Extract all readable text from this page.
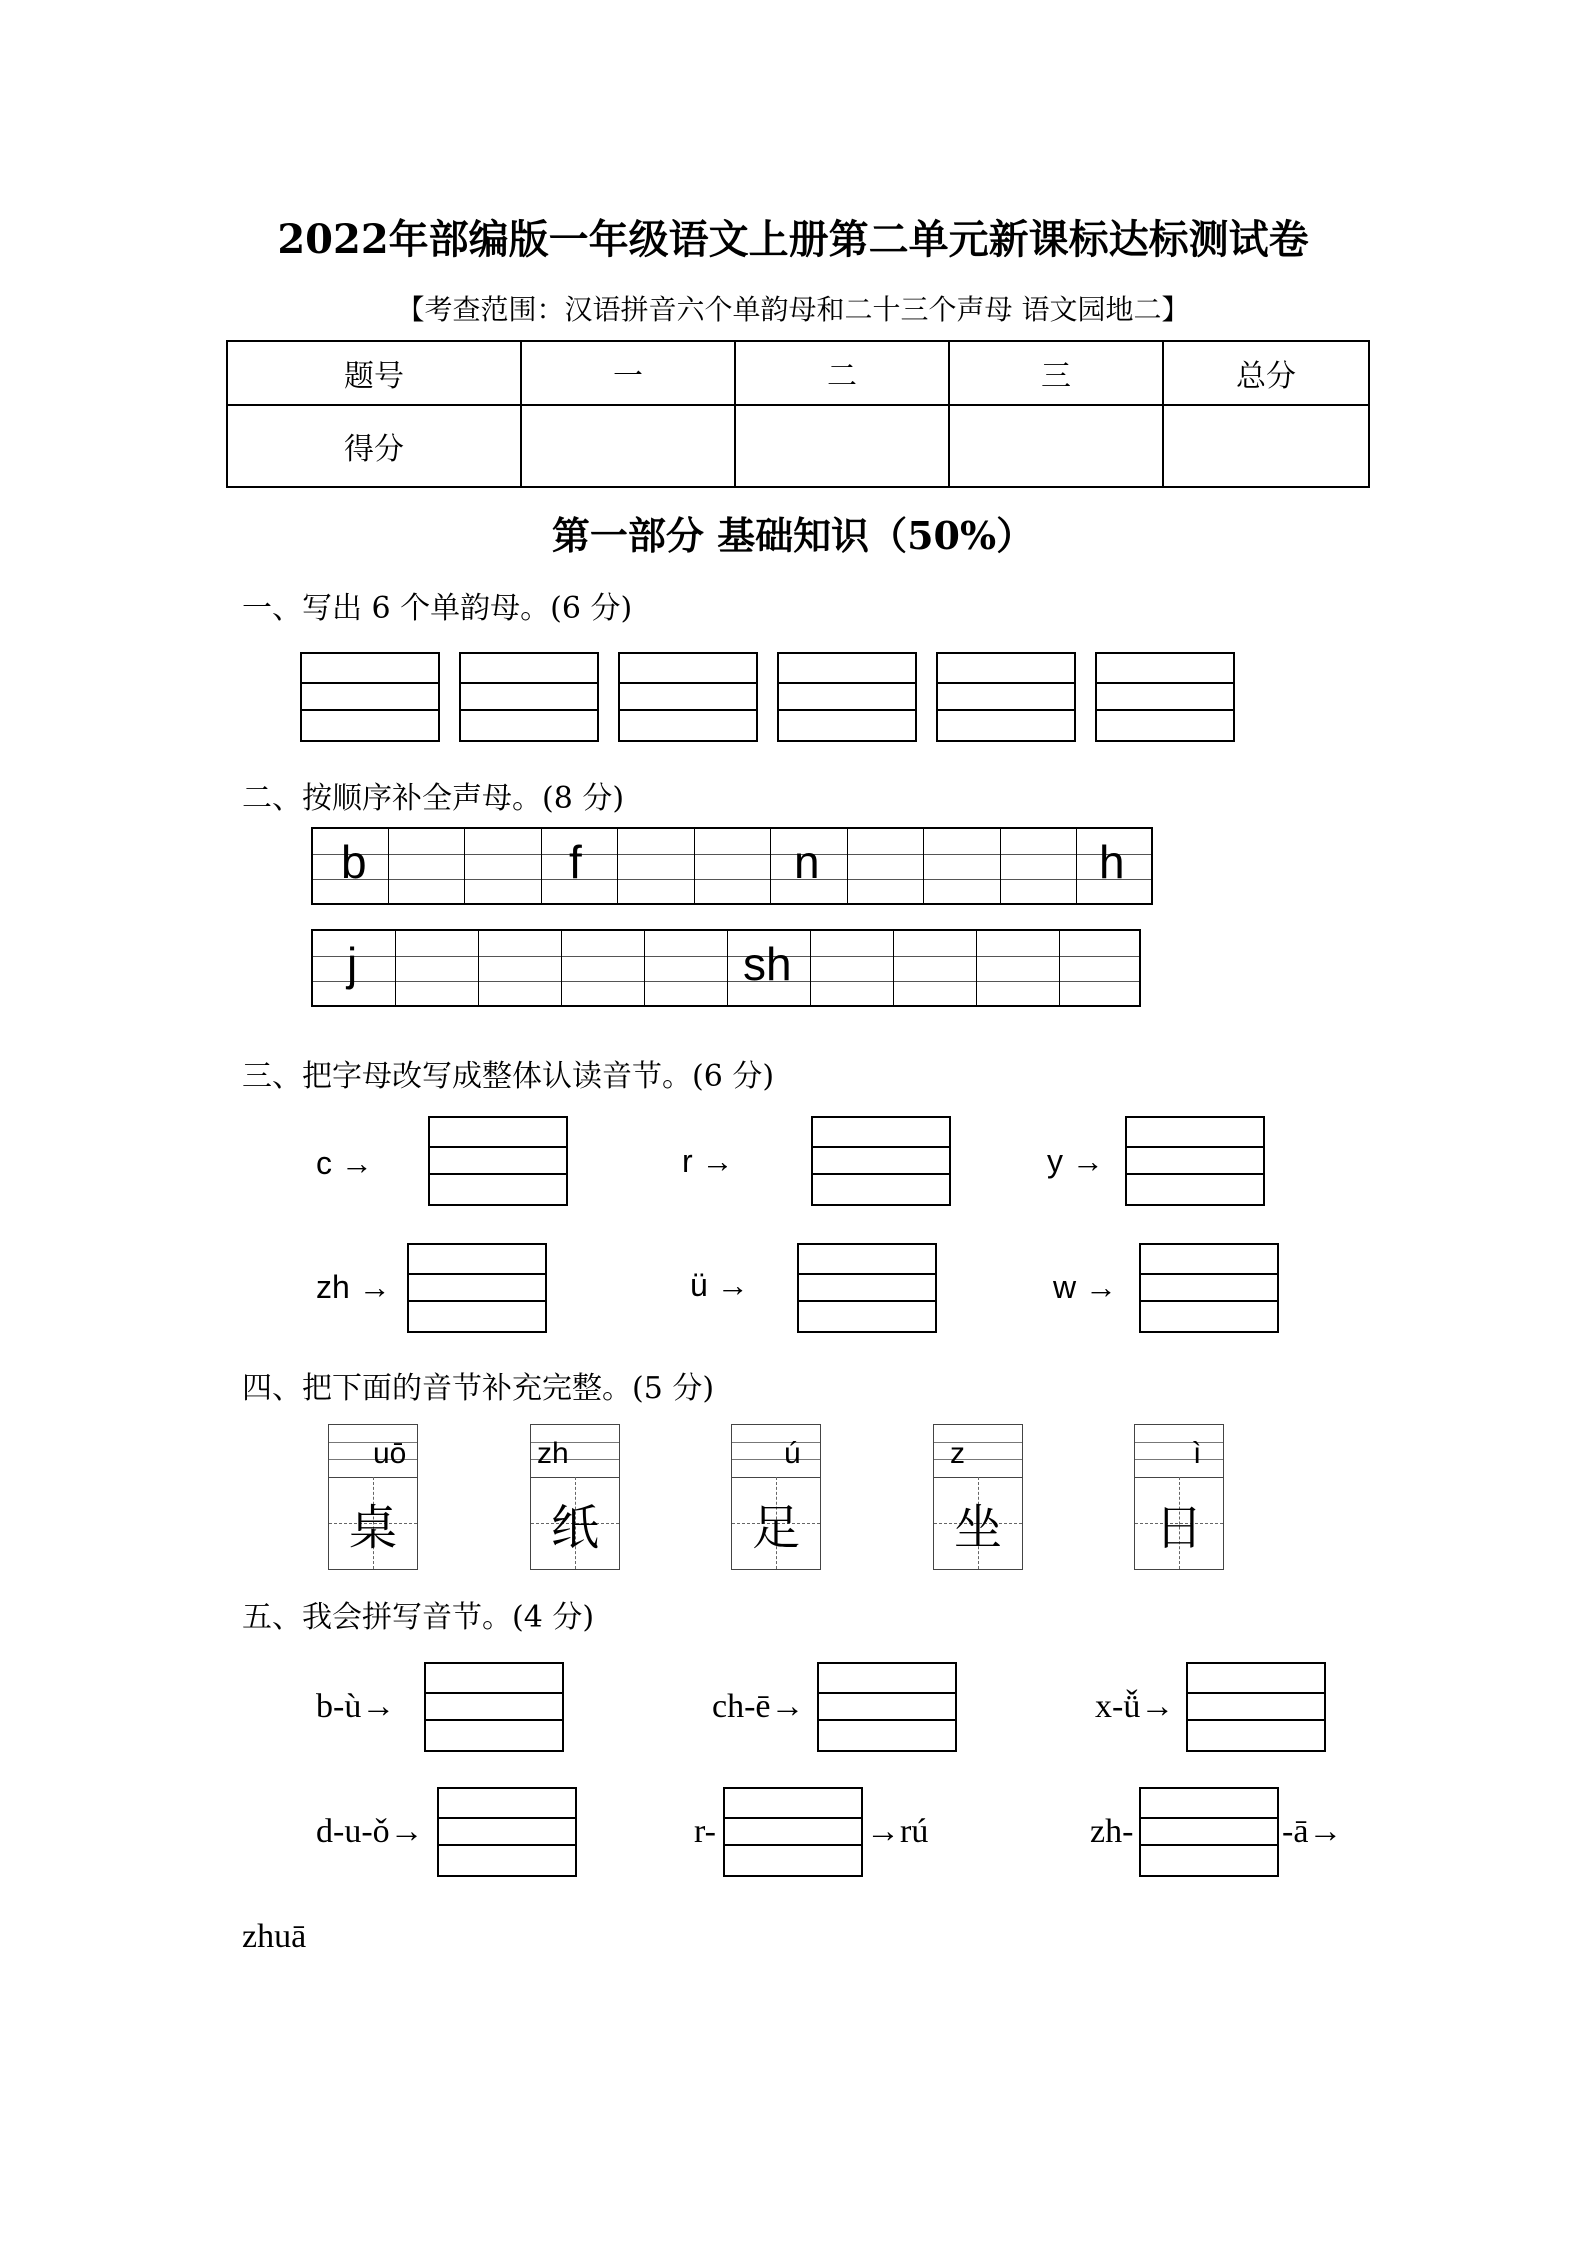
2022年部编版一年级语文上册第二单元新课标达标测试卷
【考查范围：汉语拼音六个单韵母和二十三个声母 语文园地二】
题号	一	二	三	总分
得分				
第一部分 基础知识（50%）
一、写出 6 个单韵母。(6 分)
二、按顺序补全声母。(8 分)
b	f	n	h
j	sh
三、把字母改写成整体认读音节。(6 分)
c →	r →	y →
zh →	ü →	w →
四、把下面的音节补充完整。(5 分)
uō
桌
zh
纸
ú
足
z
坐
ì
日
五、我会拼写音节。(4 分)
b-ù→	ch-ē→	x-ǚ→
d-u-ǒ→	r-	→rú	zh-	-ā→
zhuā
